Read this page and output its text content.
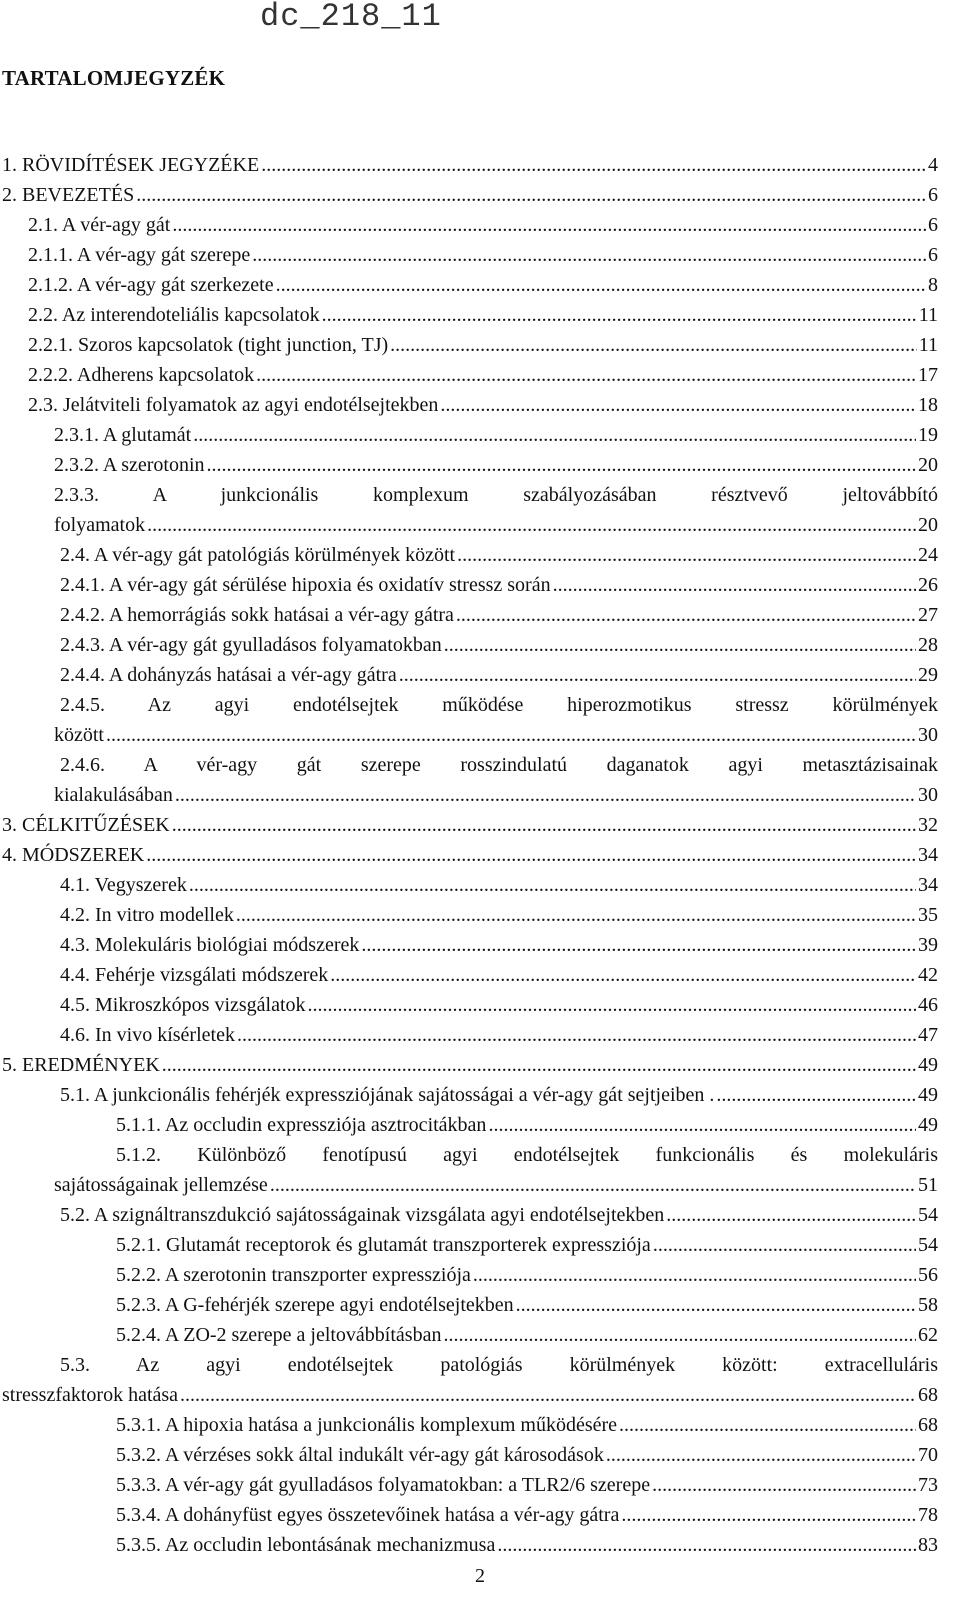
dc_218_11
TARTALOMJEGYZÉK
1. RÖVIDÍTÉSEK JEGYZÉKE .....	4
2. BEVEZETÉS .....	6
2.1. A vér-agy gát .....	6
2.1.1. A vér-agy gát szerepe .....	6
2.1.2. A vér-agy gát szerkezete .....	8
2.2. Az interendoteliális kapcsolatok .....	11
2.2.1. Szoros kapcsolatok (tight junction, TJ) .....	11
2.2.2. Adherens kapcsolatok .....	17
2.3. Jelátviteli folyamatok az agyi endotélsejtekben .....	18
2.3.1. A glutamát .....	19
2.3.2. A szerotonin .....	20
2.3.3. A junkcionális komplexum szabályozásában résztvevő jeltovábbító
folyamatok .....	20
2.4. A vér-agy gát patológiás körülmények között .....	24
2.4.1. A vér-agy gát sérülése hipoxia és oxidatív stressz során .....	26
2.4.2. A hemorrágiás sokk hatásai a vér-agy gátra .....	27
2.4.3. A vér-agy gát gyulladásos folyamatokban .....	28
2.4.4. A dohányzás hatásai a vér-agy gátra .....	29
2.4.5. Az agyi endotélsejtek működése hiperozmotikus stressz körülmények
között .....	30
2.4.6. A vér-agy gát szerepe rosszindulatú daganatok agyi metasztázisainak
kialakulásában .....	30
3. CÉLKITŰZÉSEK .....	32
4. MÓDSZEREK .....	34
4.1. Vegyszerek .....	34
4.2. In vitro modellek .....	35
4.3. Molekuláris biológiai módszerek .....	39
4.4. Fehérje vizsgálati módszerek .....	42
4.5. Mikroszkópos vizsgálatok .....	46
4.6. In vivo kísérletek .....	47
5. EREDMÉNYEK .....	49
5.1. A junkcionális fehérjék expressziójának sajátosságai a vér-agy gát sejtjeiben . .....	49
5.1.1. Az occludin expressziója asztrocitákban .....	49
5.1.2. Különböző fenotípusú agyi endotélsejtek funkcionális és molekuláris
sajátosságainak jellemzése .....	51
5.2. A szignáltranszdukció sajátosságainak vizsgálata agyi endotélsejtekben .....	54
5.2.1. Glutamát receptorok és glutamát transzporterek expressziója .....	54
5.2.2. A szerotonin transzporter expressziója .....	56
5.2.3. A G-fehérjék szerepe agyi endotélsejtekben .....	58
5.2.4. A ZO-2 szerepe a jeltovábbításban .....	62
5.3. Az agyi endotélsejtek patológiás körülmények között: extracelluláris
stresszfaktorok hatása .....	68
5.3.1. A hipoxia hatása a junkcionális komplexum működésére .....	68
5.3.2. A vérzéses sokk által indukált vér-agy gát károsodások .....	70
5.3.3. A vér-agy gát gyulladásos folyamatokban: a TLR2/6 szerepe .....	73
5.3.4. A dohányfüst egyes összetevőinek hatása a vér-agy gátra .....	78
5.3.5. Az occludin lebontásának mechanizmusa .....	83
2
